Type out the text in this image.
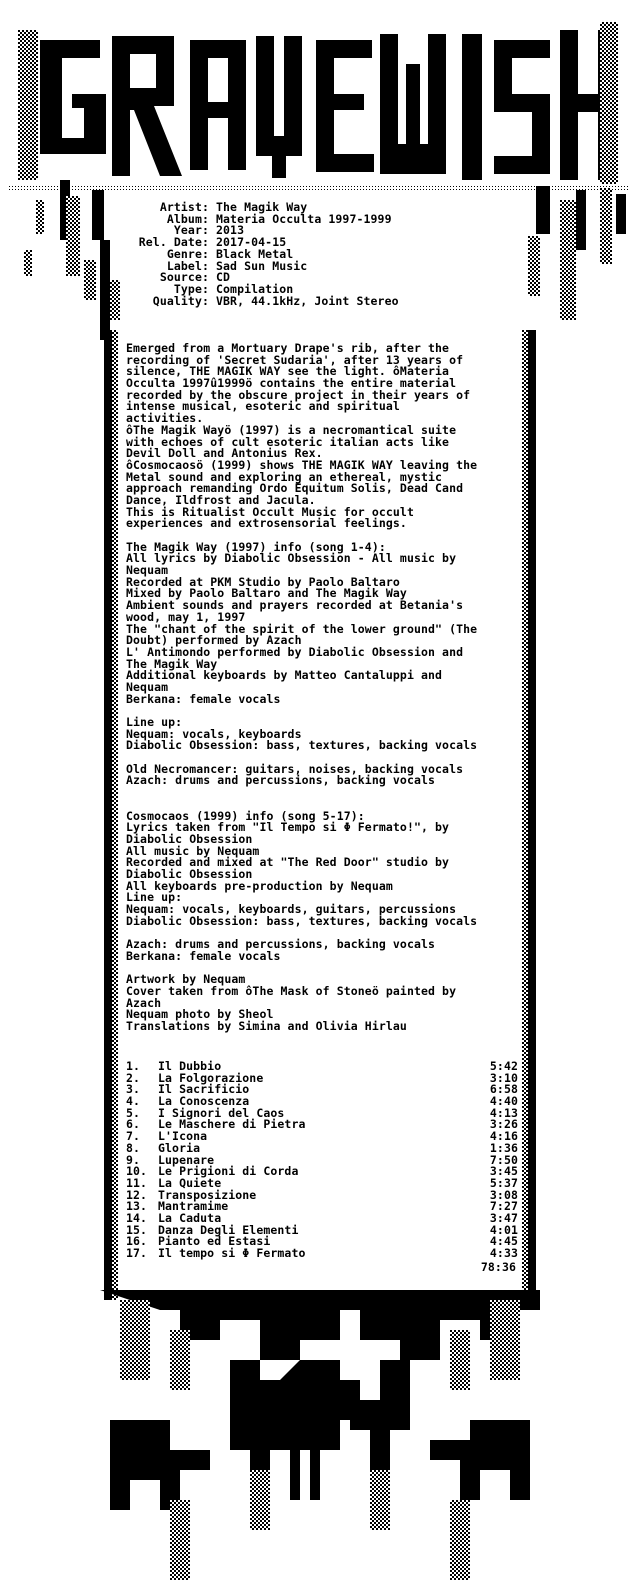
Artist: The Magik Way
Album: Materia Occulta 1997-1999
Year: 2013
Rel. Date: 2017-04-15
Genre: Black Metal
Label: Sad Sun Music
Source: CD
Type: Compilation
Quality: VBR, 44.1kHz, Joint Stereo
Emerged from a Mortuary Drape's rib, after the
recording of 'Secret Sudaria', after 13 years of
silence, THE MAGIK WAY see the light. ôMateria
Occulta 1997û1999ö contains the entire material
recorded by the obscure project in their years of
intense musical, esoteric and spiritual
activities.
ôThe Magik Wayö (1997) is a necromantical suite
with echoes of cult esoteric italian acts like
Devil Doll and Antonius Rex.
ôCosmocaosö (1999) shows THE MAGIK WAY leaving the
Metal sound and exploring an ethereal, mystic
approach remanding Ordo Equitum Solis, Dead Cand
Dance, Ildfrost and Jacula.
This is Ritualist Occult Music for occult
experiences and extrosensorial feelings.
The Magik Way (1997) info (song 1-4):
All lyrics by Diabolic Obsession - All music by
Nequam
Recorded at PKM Studio by Paolo Baltaro
Mixed by Paolo Baltaro and The Magik Way
Ambient sounds and prayers recorded at Betania's
wood, may 1, 1997
The "chant of the spirit of the lower ground" (The
Doubt) performed by Azach
L' Antimondo performed by Diabolic Obsession and
The Magik Way
Additional keyboards by Matteo Cantaluppi and
Nequam
Berkana: female vocals
Line up:
Nequam: vocals, keyboards
Diabolic Obsession: bass, textures, backing vocals
Old Necromancer: guitars, noises, backing vocals
Azach: drums and percussions, backing vocals
Cosmocaos (1999) info (song 5-17):
Lyrics taken from "Il Tempo si Φ Fermato!", by
Diabolic Obsession
All music by Nequam
Recorded and mixed at "The Red Door" studio by
Diabolic Obsession
All keyboards pre-production by Nequam
Line up:
Nequam: vocals, keyboards, guitars, percussions
Diabolic Obsession: bass, textures, backing vocals
Azach: drums and percussions, backing vocals
Berkana: female vocals
Artwork by Nequam
Cover taken from ôThe Mask of Stoneö painted by
Azach
Nequam photo by Sheol
Translations by Simina and Olivia Hirlau
1. Il Dubbio	5:42
2. La Folgorazione	3:10
3. Il Sacrificio	6:58
4. La Conoscenza	4:40
5. I Signori del Caos	4:13
6. Le Maschere di Pietra	3:26
7. L'Icona	4:16
8. Gloria	1:36
9. Lupenare	7:50
10. Le Prigioni di Corda	3:45
11. La Quiete	5:37
12. Transposizione	3:08
13. Mantramime	7:27
14. La Caduta	3:47
15. Danza Degli Elementi	4:01
16. Pianto ed Estasi	4:45
17. Il tempo si Φ Fermato	4:33
78:36
